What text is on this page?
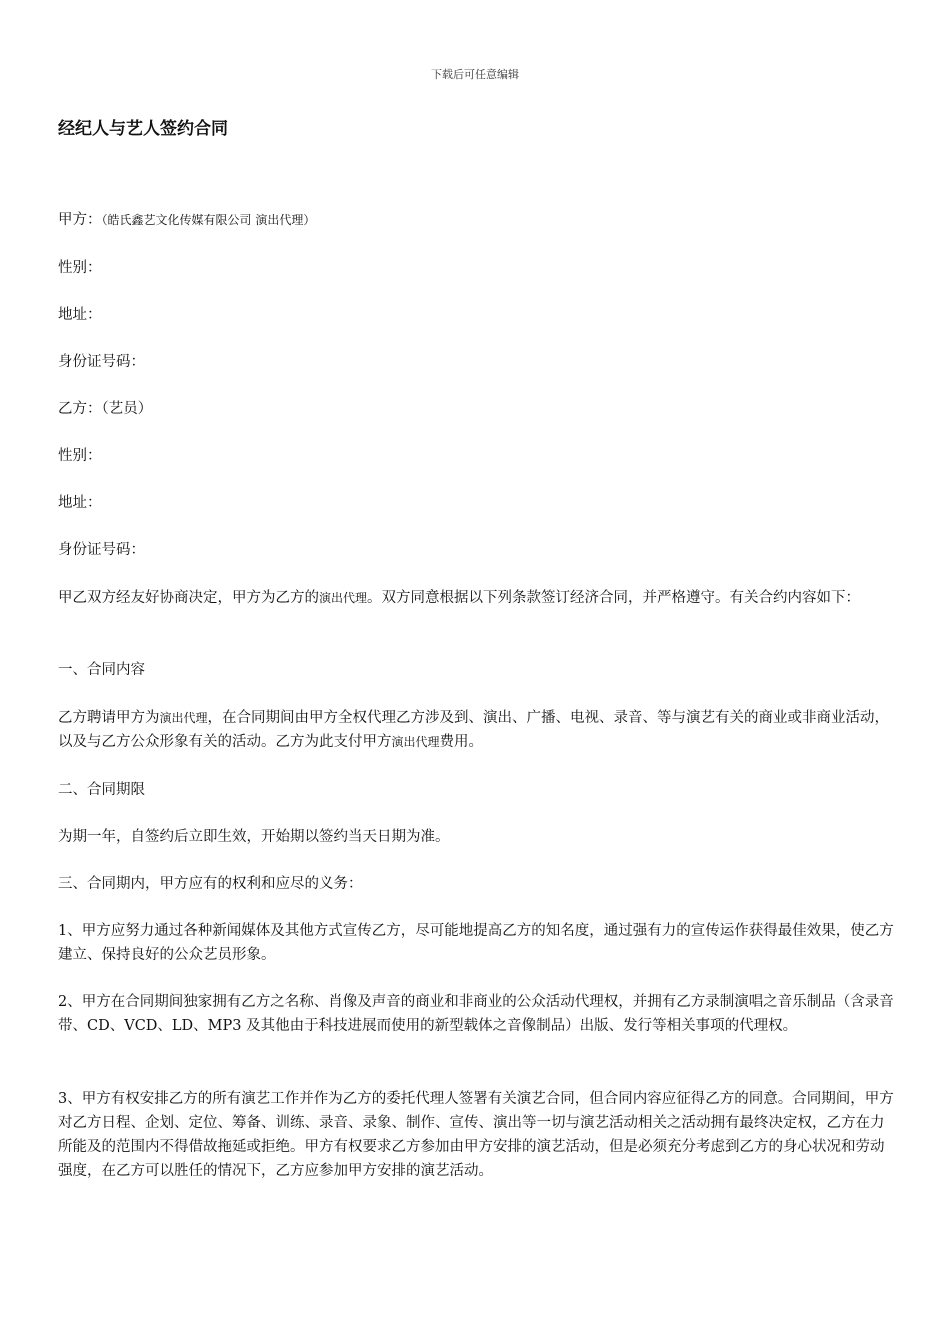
下载后可任意编辑
经纪人与艺人签约合同

甲方：（皓氏鑫艺文化传媒有限公司 演出代理）

性别：

地址：

身份证号码：

乙方：（艺员）

性别：

地址：

身份证号码：

甲乙双方经友好协商决定，甲方为乙方的演出代理。双方同意根据以下列条款签订经济合同，并严格遵守。有关合约内容如下：

一、合同内容

乙方聘请甲方为演出代理，在合同期间由甲方全权代理乙方涉及到、演出、广播、电视、录音、等与演艺有关的商业或非商业活动，以及与乙方公众形象有关的活动。乙方为此支付甲方演出代理费用。

二、合同期限

为期一年，自签约后立即生效，开始期以签约当天日期为准。

三、合同期内，甲方应有的权利和应尽的义务：

1、甲方应努力通过各种新闻媒体及其他方式宣传乙方，尽可能地提高乙方的知名度，通过强有力的宣传运作获得最佳效果，使乙方建立、保持良好的公众艺员形象。

2、甲方在合同期间独家拥有乙方之名称、肖像及声音的商业和非商业的公众活动代理权，并拥有乙方录制演唱之音乐制品（含录音带、CD、VCD、LD、MP3 及其他由于科技进展而使用的新型载体之音像制品）出版、发行等相关事项的代理权。

3、甲方有权安排乙方的所有演艺工作并作为乙方的委托代理人签署有关演艺合同，但合同内容应征得乙方的同意。合同期间，甲方对乙方日程、企划、定位、筹备、训练、录音、录象、制作、宣传、演出等一切与演艺活动相关之活动拥有最终决定权，乙方在力所能及的范围内不得借故拖延或拒绝。甲方有权要求乙方参加由甲方安排的演艺活动，但是必须充分考虑到乙方的身心状况和劳动强度，在乙方可以胜任的情况下，乙方应参加甲方安排的演艺活动。
